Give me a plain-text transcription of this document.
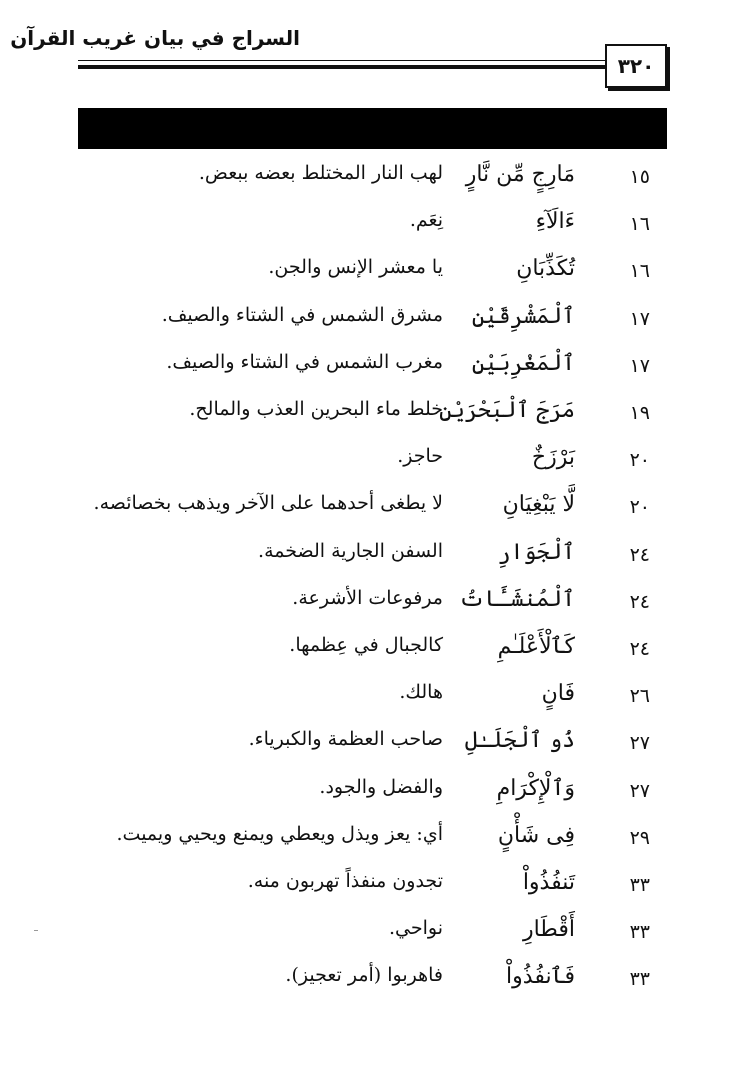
السراج في بيان غريب القرآن
٣٢٠
١٥
مَارِجٍ مِّن نَّارٍ
لهب النار المختلط بعضه ببعض.
١٦
ءَالَآءِ
نِعَم.
١٦
تُكَذِّبَانِ
يا معشر الإنس والجن.
١٧
ٱلْمَشْرِقَيْنِ
مشرق الشمس في الشتاء والصيف.
١٧
ٱلْمَغْرِبَيْنِ
مغرب الشمس في الشتاء والصيف.
١٩
مَرَجَ ٱلْبَحْرَيْنِ
خلط ماء البحرين العذب والمالح.
٢٠
بَرْزَخٌ
حاجز.
٢٠
لَّا يَبْغِيَانِ
لا يطغى أحدهما على الآخر ويذهب بخصائصه.
٢٤
ٱلْجَوَارِ
السفن الجارية الضخمة.
٢٤
ٱلْمُنشَـَٔاتُ
مرفوعات الأشرعة.
٢٤
كَٱلْأَعْلَـٰمِ
كالجبال في عِظمها.
٢٦
فَانٍ
هالك.
٢٧
ذُو ٱلْجَلَـٰلِ
صاحب العظمة والكبرياء.
٢٧
وَٱلْإِكْرَامِ
والفضل والجود.
٢٩
فِى شَأْنٍ
أي: يعز ويذل ويعطي ويمنع ويحيي ويميت.
٣٣
تَنفُذُواْ
تجدون منفذاً تهربون منه.
٣٣
أَقْطَارِ
نواحي.
٣٣
فَٱنفُذُواْ
فاهربوا (أمر تعجيز).
